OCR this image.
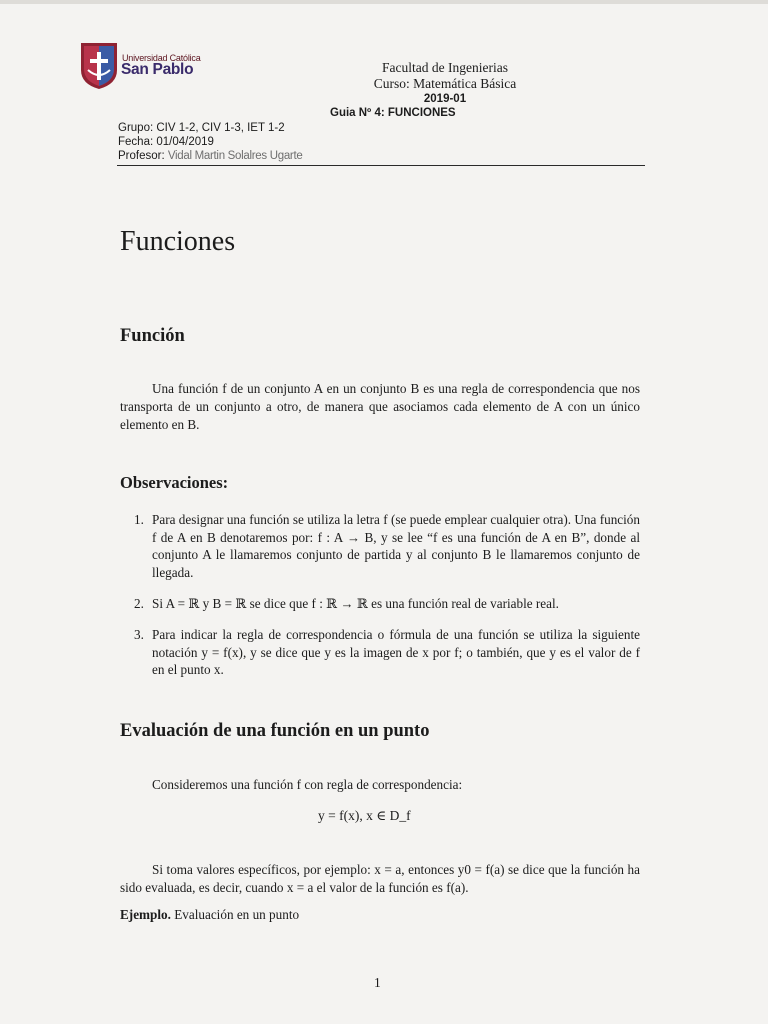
Universidad Católica
San Pablo	Facultad de Ingenierias
Curso: Matemática Básica
2019-01
Guia Nº 4: FUNCIONES
Grupo: CIV 1-2, CIV 1-3, IET 1-2
Fecha: 01/04/2019
Profesor: Vidal Martin Solalres Ugarte
Funciones
Función
Una función f de un conjunto A en un conjunto B es una regla de correspondencia que nos transporta de un conjunto a otro, de manera que asociamos cada elemento de A con un único elemento en B.
Observaciones:
1. Para designar una función se utiliza la letra f (se puede emplear cualquier otra). Una función f de A en B denotaremos por: f : A → B, y se lee “f es una función de A en B”, donde al conjunto A le llamaremos conjunto de partida y al conjunto B le llamaremos conjunto de llegada.
2. Si A = ℝ y B = ℝ se dice que f : ℝ → ℝ es una función real de variable real.
3. Para indicar la regla de correspondencia o fórmula de una función se utiliza la siguiente notación y = f(x), y se dice que y es la imagen de x por f; o también, que y es el valor de f en el punto x.
Evaluación de una función en un punto
Consideremos una función f con regla de correspondencia:
y = f(x), x ∈ D_f
Si toma valores específicos, por ejemplo: x = a, entonces y0 = f(a) se dice que la función ha sido evaluada, es decir, cuando x = a el valor de la función es f(a).
Ejemplo. Evaluación en un punto
1
